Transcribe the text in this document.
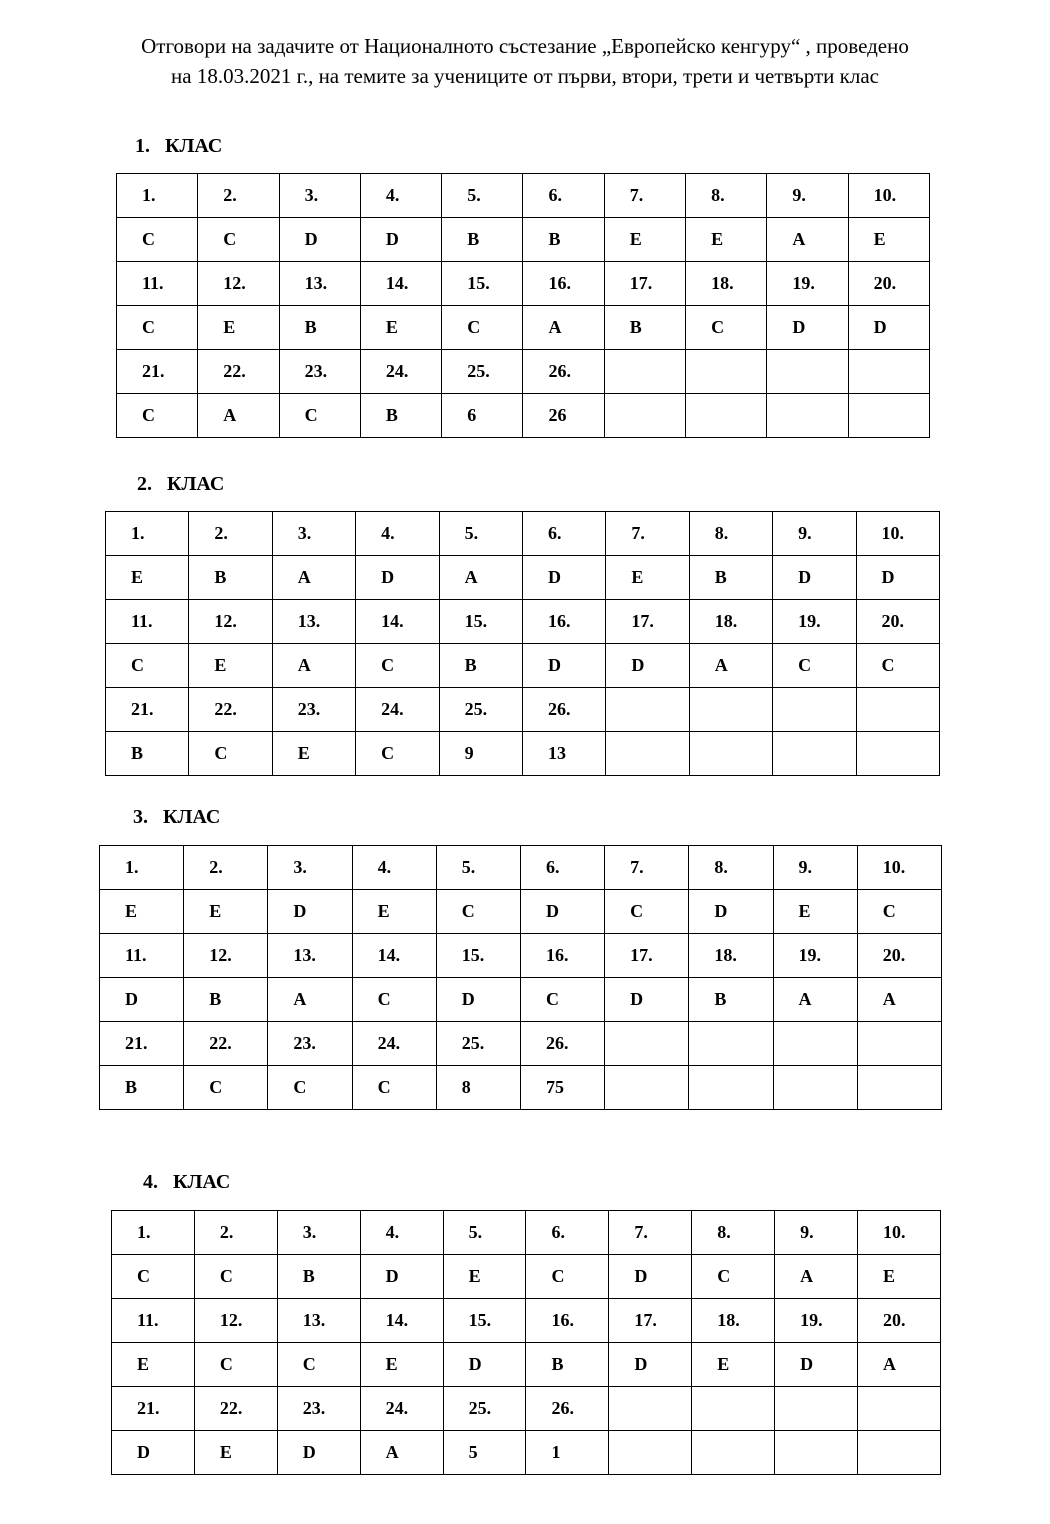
Отговори на задачите от Националното състезание „Европейско кенгуру“ , проведено
на 18.03.2021 г., на темите за учениците от първи, втори, трети и четвърти клас
1.   КЛАС
1.	2.	3.	4.	5.	6.	7.	8.	9.	10.

C	C	D	D	B	B	E	E	A	E

11.	12.	13.	14.	15.	16.	17.	18.	19.	20.

C	E	B	E	C	A	B	C	D	D

21.	22.	23.	24.	25.	26.				

C	A	C	B	6	26				

2.   КЛАС
1.	2.	3.	4.	5.	6.	7.	8.	9.	10.

E	B	A	D	A	D	E	B	D	D

11.	12.	13.	14.	15.	16.	17.	18.	19.	20.

C	E	A	C	B	D	D	A	C	C

21.	22.	23.	24.	25.	26.				

B	C	E	C	9	13				

3.   КЛАС
1.	2.	3.	4.	5.	6.	7.	8.	9.	10.

E	E	D	E	C	D	C	D	E	C

11.	12.	13.	14.	15.	16.	17.	18.	19.	20.

D	B	A	C	D	C	D	B	A	A

21.	22.	23.	24.	25.	26.				

B	C	C	C	8	75				

4.   КЛАС
1.	2.	3.	4.	5.	6.	7.	8.	9.	10.

C	C	B	D	E	C	D	C	A	E

11.	12.	13.	14.	15.	16.	17.	18.	19.	20.

E	C	C	E	D	B	D	E	D	A

21.	22.	23.	24.	25.	26.				

D	E	D	A	5	1				
